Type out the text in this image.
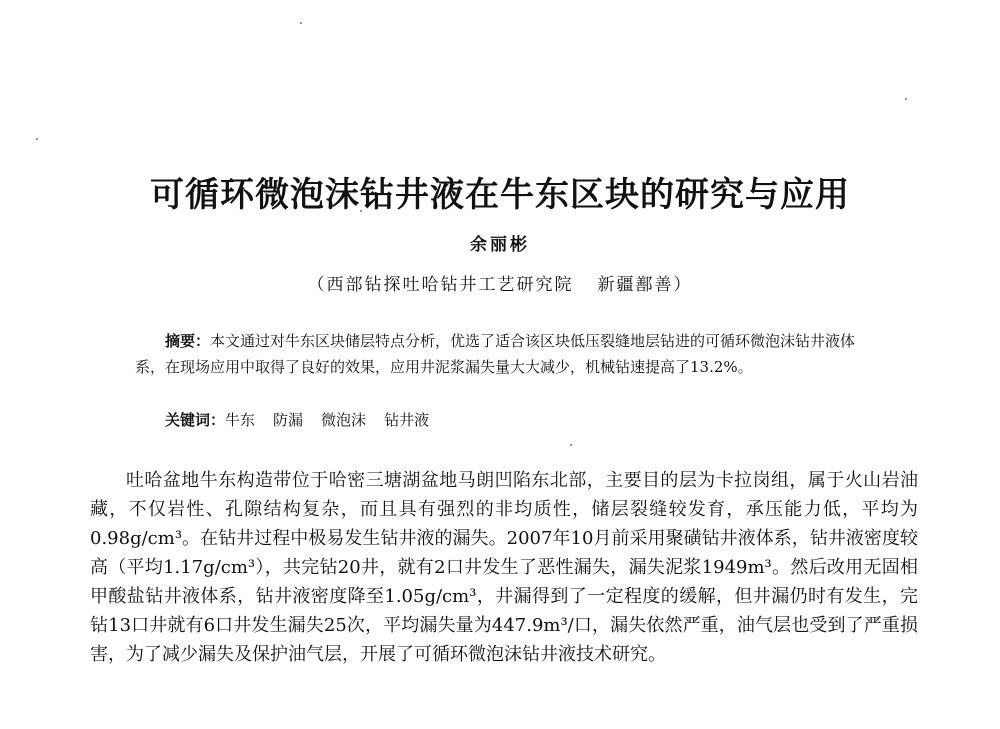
可循环微泡沫钻井液在牛东区块的研究与应用
余丽彬
（西部钻探吐哈钻井工艺研究院 新疆鄯善）

摘要：本文通过对牛东区块储层特点分析，优选了适合该区块低压裂缝地层钻进的可循环微泡沫钻井液体系，在现场应用中取得了良好的效果，应用井泥浆漏失量大大减少，机械钻速提高了13.2%。

关键词：牛东 防漏 微泡沫 钻井液

吐哈盆地牛东构造带位于哈密三塘湖盆地马朗凹陷东北部，主要目的层为卡拉岗组，属于火山岩油藏，不仅岩性、孔隙结构复杂，而且具有强烈的非均质性，储层裂缝较发育，承压能力低，平均为0.98g/cm³。在钻井过程中极易发生钻井液的漏失。2007年10月前采用聚磺钻井液体系，钻井液密度较高（平均1.17g/cm³），共完钻20井，就有2口井发生了恶性漏失，漏失泥浆1949m³。然后改用无固相甲酸盐钻井液体系，钻井液密度降至1.05g/cm³，井漏得到了一定程度的缓解，但井漏仍时有发生，完钻13口井就有6口井发生漏失25次，平均漏失量为447.9m³/口，漏失依然严重，油气层也受到了严重损害，为了减少漏失及保护油气层，开展了可循环微泡沫钻井液技术研究。
